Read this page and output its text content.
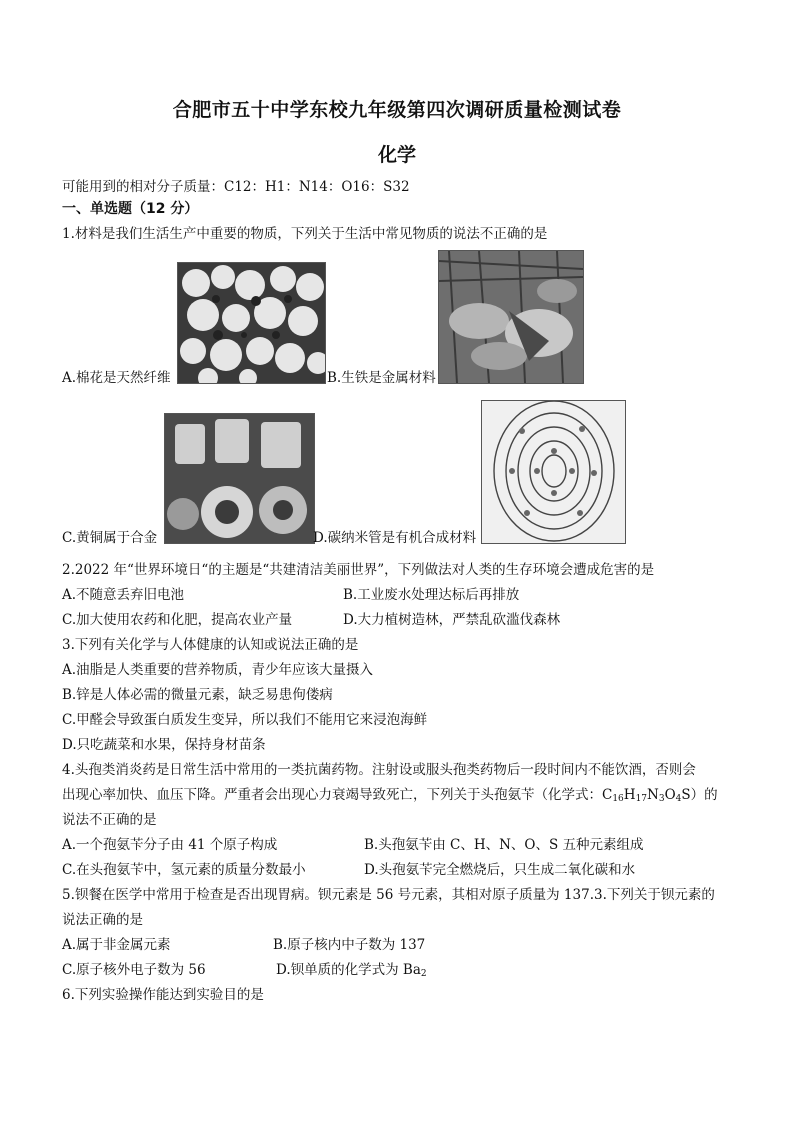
合肥市五十中学东校九年级第四次调研质量检测试卷
化学
可能用到的相对分子质量：C12：H1：N14：O16：S32
一、单选题（12 分）
1.材料是我们生活生产中重要的物质，下列关于生活中常见物质的说法不正确的是
A.棉花是天然纤维	B.生铁是金属材料
C.黄铜属于合金	D.碳纳米管是有机合成材料
2.2022 年“世界环境日“的主题是“共建清洁美丽世界”，下列做法对人类的生存环境会遭成危害的是
A.不随意丢弃旧电池	B.工业废水处理达标后再排放
C.加大使用农药和化肥，提高农业产量	D.大力植树造林，严禁乱砍滥伐森林
3.下列有关化学与人体健康的认知或说法正确的是
A.油脂是人类重要的营养物质，青少年应该大量摄入
B.锌是人体必需的微量元素，缺乏易患佝偻病
C.甲醛会导致蛋白质发生变异，所以我们不能用它来浸泡海鲜
D.只吃蔬菜和水果，保持身材苗条
4.头孢类消炎药是日常生活中常用的一类抗菌药物。注射设或服头孢类药物后一段时间内不能饮酒，否则会
出现心率加快、血压下降。严重者会出现心力衰竭导致死亡，下列关于头孢氨苄（化学式：$C_{16}H_{17}N_3O_4S$）的
说法不正确的是
A.一个孢氨苄分子由 41 个原子构成	B.头孢氨苄由 C、H、N、O、S 五种元素组成
C.在头孢氨苄中，氢元素的质量分数最小	D.头孢氨苄完全燃烧后，只生成二氧化碳和水
5.钡餐在医学中常用于检查是否出现胃病。钡元素是 56 号元素，其相对原子质量为 137.3.下列关于钡元素的
说法正确的是
A.属于非金属元素	B.原子核内中子数为 137
C.原子核外电子数为 56	D.钡单质的化学式为 $Ba_2$
6.下列实验操作能达到实验目的是
